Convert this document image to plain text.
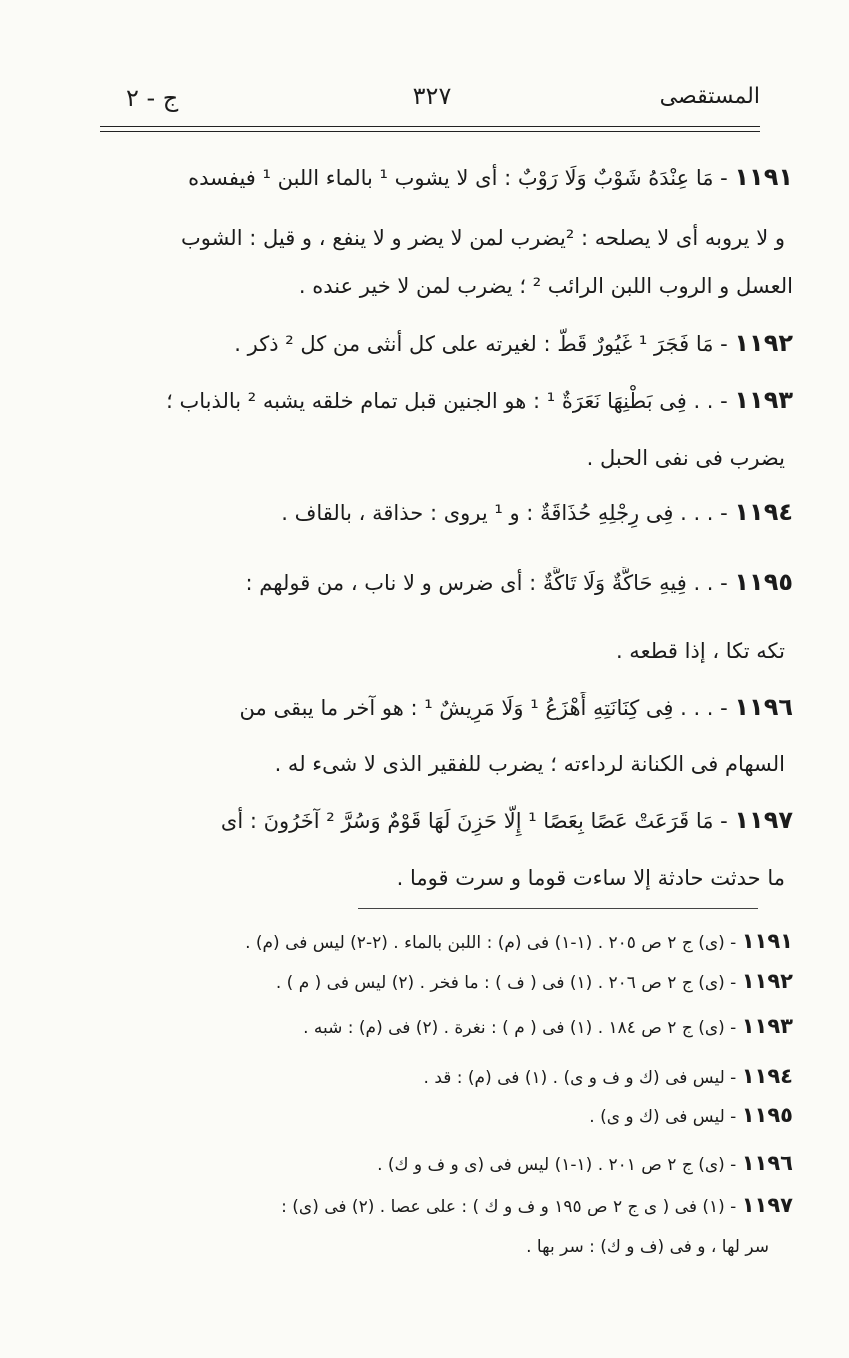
المستقصى
٣٢٧
ج - ٢
١١٩١ - مَا عِنْدَهُ شَوْبٌ وَلَا رَوْبٌ : أى لا يشوب ¹ بالماء اللبن ¹ فيفسده
و لا يروبه أى لا يصلحه : ²يضرب لمن لا يضر و لا ينفع ، و قيل : الشوب
العسل و الروب اللبن الرائب ² ؛ يضرب لمن لا خير عنده .
١١٩٢ - مَا فَجَرَ ¹ غَيُورٌ قَطُّ : لغيرته على كل أنثى من كل ² ذكر .
١١٩٣ - . . فِى بَطْنِهَا نَعَرَةٌ ¹ : هو الجنين قبل تمام خلقه يشبه ² بالذباب ؛
يضرب فى نفى الحبل .
١١٩٤ - . . . فِى رِجْلِهِ حُذَاقَةٌ : و ¹ يروى : حذاقة ، بالقاف .
١١٩٥ - . . فِيهِ حَاكَّةٌ وَلَا تَاكَّةٌ : أى ضرس و لا ناب ، من قولهم :
تكه تكا ، إذا قطعه .
١١٩٦ - . . . فِى كِنَانَتِهِ أَهْزَعُ ¹ وَلَا مَرِيشٌ ¹ : هو آخر ما يبقى من
السهام فى الكنانة لرداءته ؛ يضرب للفقير الذى لا شىء له .
١١٩٧ - مَا قَرَعَتْ عَصًا بِعَصًا ¹ إِلَّا حَزِنَ لَهَا قَوْمٌ وَسُرَّ ² آخَرُونَ : أى
ما حدثت حادثة إلا ساءت قوما و سرت قوما .
١١٩١ - (ى) ج ٢ ص ٢٠٥ . (١-١) فى (م) : اللبن بالماء . (٢-٢) ليس فى (م) .
١١٩٢ - (ى) ج ٢ ص ٢٠٦ . (١) فى ( ف ) : ما فخر . (٢) ليس فى ( م ) .
١١٩٣ - (ى) ج ٢ ص ١٨٤ . (١) فى ( م ) : نغرة . (٢) فى (م) : شبه .
١١٩٤ - ليس فى (ك و ف و ى) . (١) فى (م) : قد .
١١٩٥ - ليس فى (ك و ى) .
١١٩٦ - (ى) ج ٢ ص ٢٠١ . (١-١) ليس فى (ى و ف و ك) .
١١٩٧ - (١) فى ( ى ج ٢ ص ١٩٥ و ف و ك ) : على عصا . (٢) فى (ى) :
سر لها ، و فى (ف و ك) : سر بها .
